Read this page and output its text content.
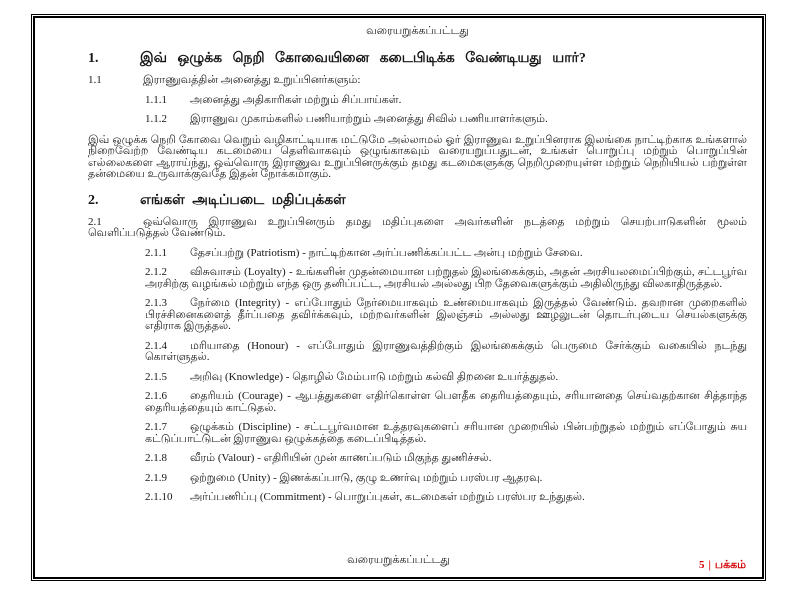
வரையறுக்கப்பட்டது
1.	இவ் ஒழுக்க நெறி கோவையினை கடைபிடிக்க வேண்டியது யார்?
1.1	இராணுவத்தின் அனைத்து உறுப்பினர்களும்:
1.1.1 அனைத்து அதிகாரிகள் மற்றும் சிப்பாய்கள்.
1.1.2 இராணுவ முகாம்களில் பணியாற்றும் அனைத்து சிவில் பணியாளர்களும்.
இவ் ஒழுக்க நெறி கோவை வெறும் வழிகாட்டியாக மட்டுமே அல்லாமல் ஓர் இராணுவ உறுப்பினராக இலங்கை நாட்டிற்காக உங்களால் நிறைவேற்ற வேண்டிய கடமையை தெளிவாகவும் ஒழுங்காகவும் வரையறுப்பதுடன், உங்கள் பொறுப்பு மற்றும் பொறுப்பின் எல்லைகளை ஆராய்ந்து, ஒவ்வொரு இராணுவ உறுப்பினருக்கும் தமது கடமைகளுக்கு நெறிமுறையுள்ள மற்றும் நெறியியல் பற்றுள்ள தன்மையை உருவாக்குவதே இதன் நோக்கமாகும்.
2.	எங்கள் அடிப்படை மதிப்புக்கள்
2.1	ஒவ்வொரு இராணுவ உறுப்பினரும் தமது மதிப்புகளை அவர்களின் நடத்தை மற்றும் செயற்பாடுகளின் மூலம் வெளிப்படுத்தல் வேண்டும்.
2.1.1 தேசப்பற்று (Patriotism) - நாட்டிற்கான அர்ப்பணிக்கப்பட்ட அன்பு மற்றும் சேவை.
2.1.2 விசுவாசம் (Loyalty) - உங்களின் முதன்மையான பற்றுதல் இலங்கைக்கும், அதன் அரசியலமைப்பிற்கும், சட்டபூர்வ அரசிற்கு வழங்கல் மற்றும் எந்த ஒரு தனிப்பட்ட, அரசியல் அல்லது பிற தேவைகளுக்கும் அதிலிருந்து விலகாதிருத்தல்.
2.1.3 நேர்மை (Integrity) - எப்போதும் நேர்மையாகவும் உண்மையாகவும் இருத்தல் வேண்டும். தவறான முறைகளில் பிரச்சினைகளைத் தீர்ப்பதை தவிர்க்கவும், மற்றவர்களின் இலஞ்சம் அல்லது ஊழலுடன் தொடர்புடைய செயல்களுக்கு எதிராக இருத்தல்.
2.1.4 மரியாதை (Honour) - எப்போதும் இராணுவத்திற்கும் இலங்கைக்கும் பெருமை சேர்க்கும் வகையில் நடந்து கொள்ளுதல்.
2.1.5 அறிவு (Knowledge) - தொழில் மேம்பாடு மற்றும் கல்வி திறனை உயர்த்துதல்.
2.1.6 தைரியம் (Courage) - ஆபத்துகளை எதிர்கொள்ள பௌதீக தைரியத்தையும், சரியானதை செய்வதற்கான சித்தாந்த தைரியத்தையும் காட்டுதல்.
2.1.7 ஒழுக்கம் (Discipline) - சட்டபூர்வமான உத்தரவுகளைப் சரியான முறையில் பின்பற்றுதல் மற்றும் எப்போதும் சுய கட்டுப்பாட்டுடன் இராணுவ ஒழுக்கத்தை கடைப்பிடித்தல்.
2.1.8 வீரம் (Valour) - எதிரியின் முன் காணப்படும் மிகுந்த துணிச்சல்.
2.1.9 ஒற்றுமை (Unity) - இணக்கப்பாடு, குழு உணர்வு மற்றும் பரஸ்பர ஆதரவு.
2.1.10 அர்ப்பணிப்பு (Commitment) - பொறுப்புகள், கடமைகள் மற்றும் பரஸ்பர உந்துதல்.
வரையறுக்கப்பட்டது	5 | பக்கம்
